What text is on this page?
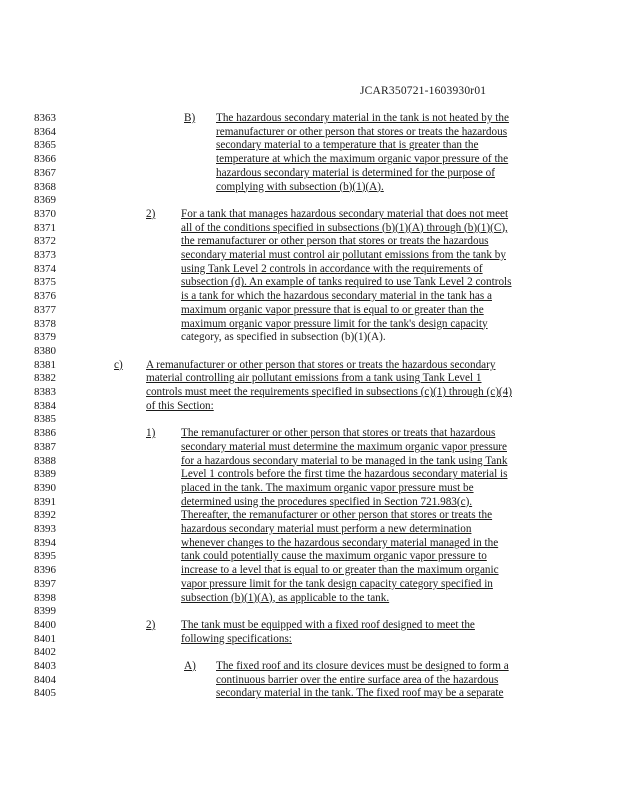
JCAR350721-1603930r01
8363
8364
8365
8366
8367
8368
8369
8370
8371
8372
8373
8374
8375
8376
8377
8378
8379
8380
8381
8382
8383
8384
8385
8386
8387
8388
8389
8390
8391
8392
8393
8394
8395
8396
8397
8398
8399
8400
8401
8402
8403
8404
8405
B) The hazardous secondary material in the tank is not heated by the
remanufacturer or other person that stores or treats the hazardous
secondary material to a temperature that is greater than the
temperature at which the maximum organic vapor pressure of the
hazardous secondary material is determined for the purpose of
complying with subsection (b)(1)(A).
2) For a tank that manages hazardous secondary material that does not meet
all of the conditions specified in subsections (b)(1)(A) through (b)(1)(C),
the remanufacturer or other person that stores or treats the hazardous
secondary material must control air pollutant emissions from the tank by
using Tank Level 2 controls in accordance with the requirements of
subsection (d). An example of tanks required to use Tank Level 2 controls
is a tank for which the hazardous secondary material in the tank has a
maximum organic vapor pressure that is equal to or greater than the
maximum organic vapor pressure limit for the tank's design capacity
category, as specified in subsection (b)(1)(A).
c) A remanufacturer or other person that stores or treats the hazardous secondary
material controlling air pollutant emissions from a tank using Tank Level 1
controls must meet the requirements specified in subsections (c)(1) through (c)(4)
of this Section:
1) The remanufacturer or other person that stores or treats that hazardous
secondary material must determine the maximum organic vapor pressure
for a hazardous secondary material to be managed in the tank using Tank
Level 1 controls before the first time the hazardous secondary material is
placed in the tank. The maximum organic vapor pressure must be
determined using the procedures specified in Section 721.983(c).
Thereafter, the remanufacturer or other person that stores or treats the
hazardous secondary material must perform a new determination
whenever changes to the hazardous secondary material managed in the
tank could potentially cause the maximum organic vapor pressure to
increase to a level that is equal to or greater than the maximum organic
vapor pressure limit for the tank design capacity category specified in
subsection (b)(1)(A), as applicable to the tank.
2) The tank must be equipped with a fixed roof designed to meet the
following specifications:
A) The fixed roof and its closure devices must be designed to form a
continuous barrier over the entire surface area of the hazardous
secondary material in the tank. The fixed roof may be a separate
